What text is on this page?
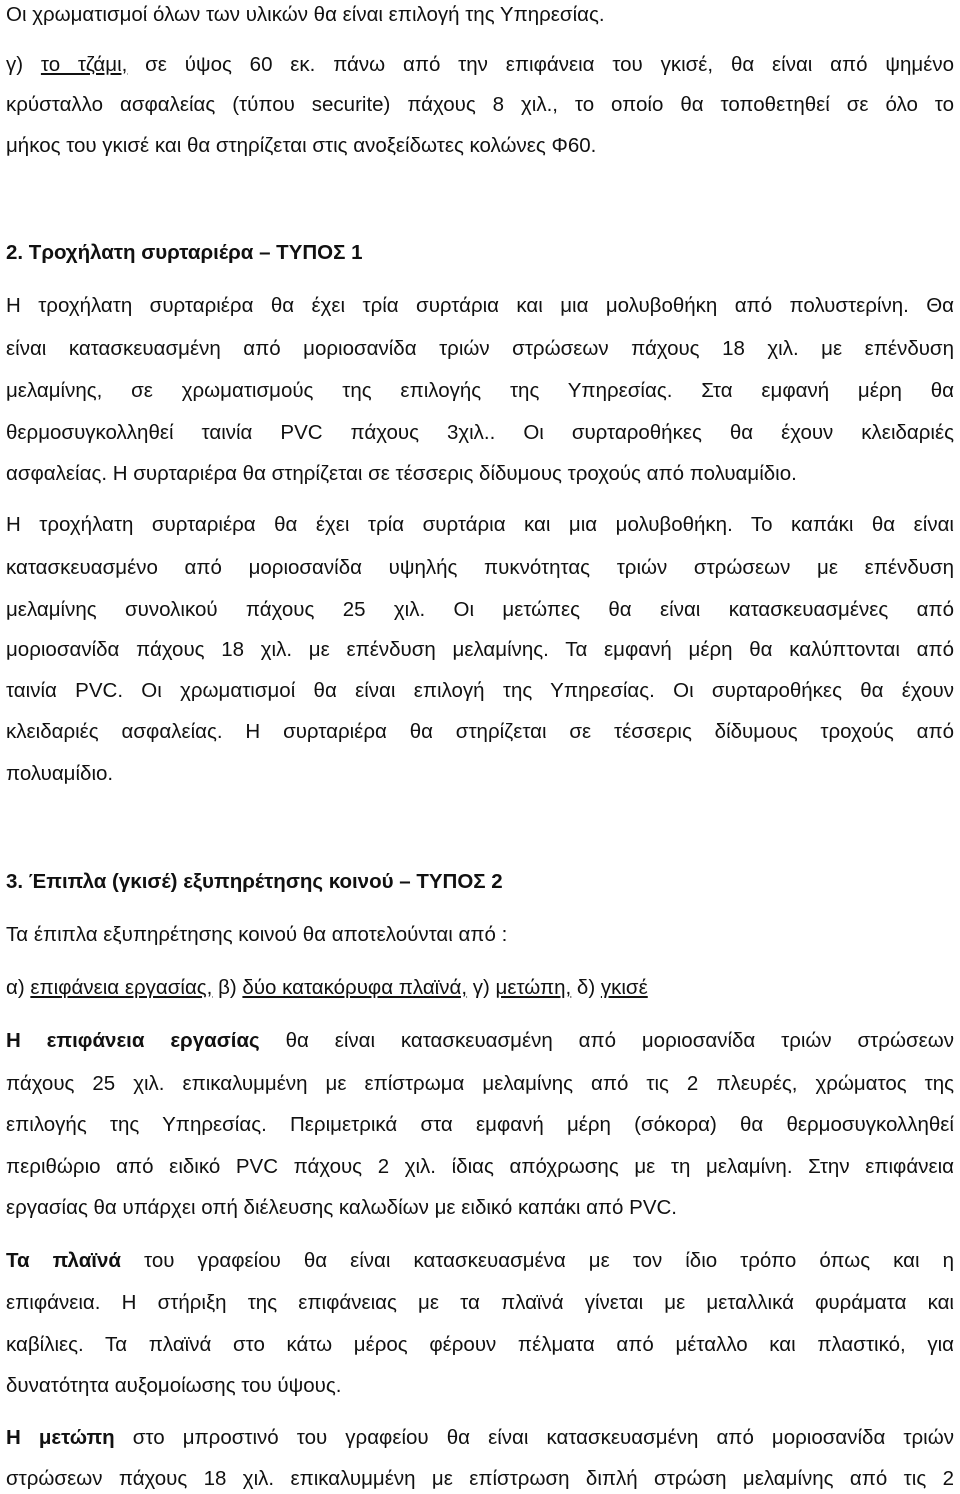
Οι χρωματισμοί όλων των υλικών θα είναι επιλογή της Υπηρεσίας.
γ) το τζάμι, σε ύψος 60 εκ. πάνω από την επιφάνεια του γκισέ, θα είναι από ψημένο
κρύσταλλο ασφαλείας (τύπου securite) πάχους 8 χιλ., το οποίο θα τοποθετηθεί σε όλο το
μήκος του γκισέ και θα στηρίζεται στις ανοξείδωτες κολώνες Φ60.
2. Τροχήλατη συρταριέρα – ΤΥΠΟΣ 1
Η τροχήλατη συρταριέρα θα έχει τρία συρτάρια και μια μολυβοθήκη από πολυστερίνη. Θα
είναι κατασκευασμένη από μοριοσανίδα τριών στρώσεων πάχους 18 χιλ. με επένδυση
μελαμίνης, σε χρωματισμούς της επιλογής της Υπηρεσίας. Στα εμφανή μέρη θα
θερμοσυγκολληθεί ταινία PVC πάχους 3χιλ.. Οι συρταροθήκες θα έχουν κλειδαριές
ασφαλείας. Η συρταριέρα θα στηρίζεται σε τέσσερις δίδυμους τροχούς από πολυαμίδιο.
Η τροχήλατη συρταριέρα θα έχει τρία συρτάρια και μια μολυβοθήκη. Το καπάκι θα είναι
κατασκευασμένο από μοριοσανίδα υψηλής πυκνότητας τριών στρώσεων με επένδυση
μελαμίνης συνολικού πάχους 25 χιλ. Οι μετώπες θα είναι κατασκευασμένες από
μοριοσανίδα πάχους 18 χιλ. με επένδυση μελαμίνης. Τα εμφανή μέρη θα καλύπτονται από
ταινία PVC. Οι χρωματισμοί θα είναι επιλογή της Υπηρεσίας. Οι συρταροθήκες θα έχουν
κλειδαριές ασφαλείας. Η συρταριέρα θα στηρίζεται σε τέσσερις δίδυμους τροχούς από
πολυαμίδιο.
3. Έπιπλα (γκισέ) εξυπηρέτησης κοινού – ΤΥΠΟΣ 2
Τα έπιπλα εξυπηρέτησης κοινού θα αποτελούνται από :
α) επιφάνεια εργασίας, β) δύο κατακόρυφα πλαϊνά, γ) μετώπη, δ) γκισέ
Η επιφάνεια εργασίας θα είναι κατασκευασμένη από μοριοσανίδα τριών στρώσεων
πάχους 25 χιλ. επικαλυμμένη με επίστρωμα μελαμίνης από τις 2 πλευρές, χρώματος της
επιλογής της Υπηρεσίας. Περιμετρικά στα εμφανή μέρη (σόκορα) θα θερμοσυγκολληθεί
περιθώριο από ειδικό PVC πάχους 2 χιλ. ίδιας απόχρωσης με τη μελαμίνη. Στην επιφάνεια
εργασίας θα υπάρχει οπή διέλευσης καλωδίων με ειδικό καπάκι από PVC.
Τα πλαϊνά του γραφείου θα είναι κατασκευασμένα με τον ίδιο τρόπο όπως και η
επιφάνεια. Η στήριξη της επιφάνειας με τα πλαϊνά γίνεται με μεταλλικά φυράματα και
καβίλιες. Τα πλαϊνά στο κάτω μέρος φέρουν πέλματα από μέταλλο και πλαστικό, για
δυνατότητα αυξομοίωσης του ύψους.
Η μετώπη στο μπροστινό του γραφείου θα είναι κατασκευασμένη από μοριοσανίδα τριών
στρώσεων πάχους 18 χιλ. επικαλυμμένη με επίστρωση διπλή στρώση μελαμίνης από τις 2
